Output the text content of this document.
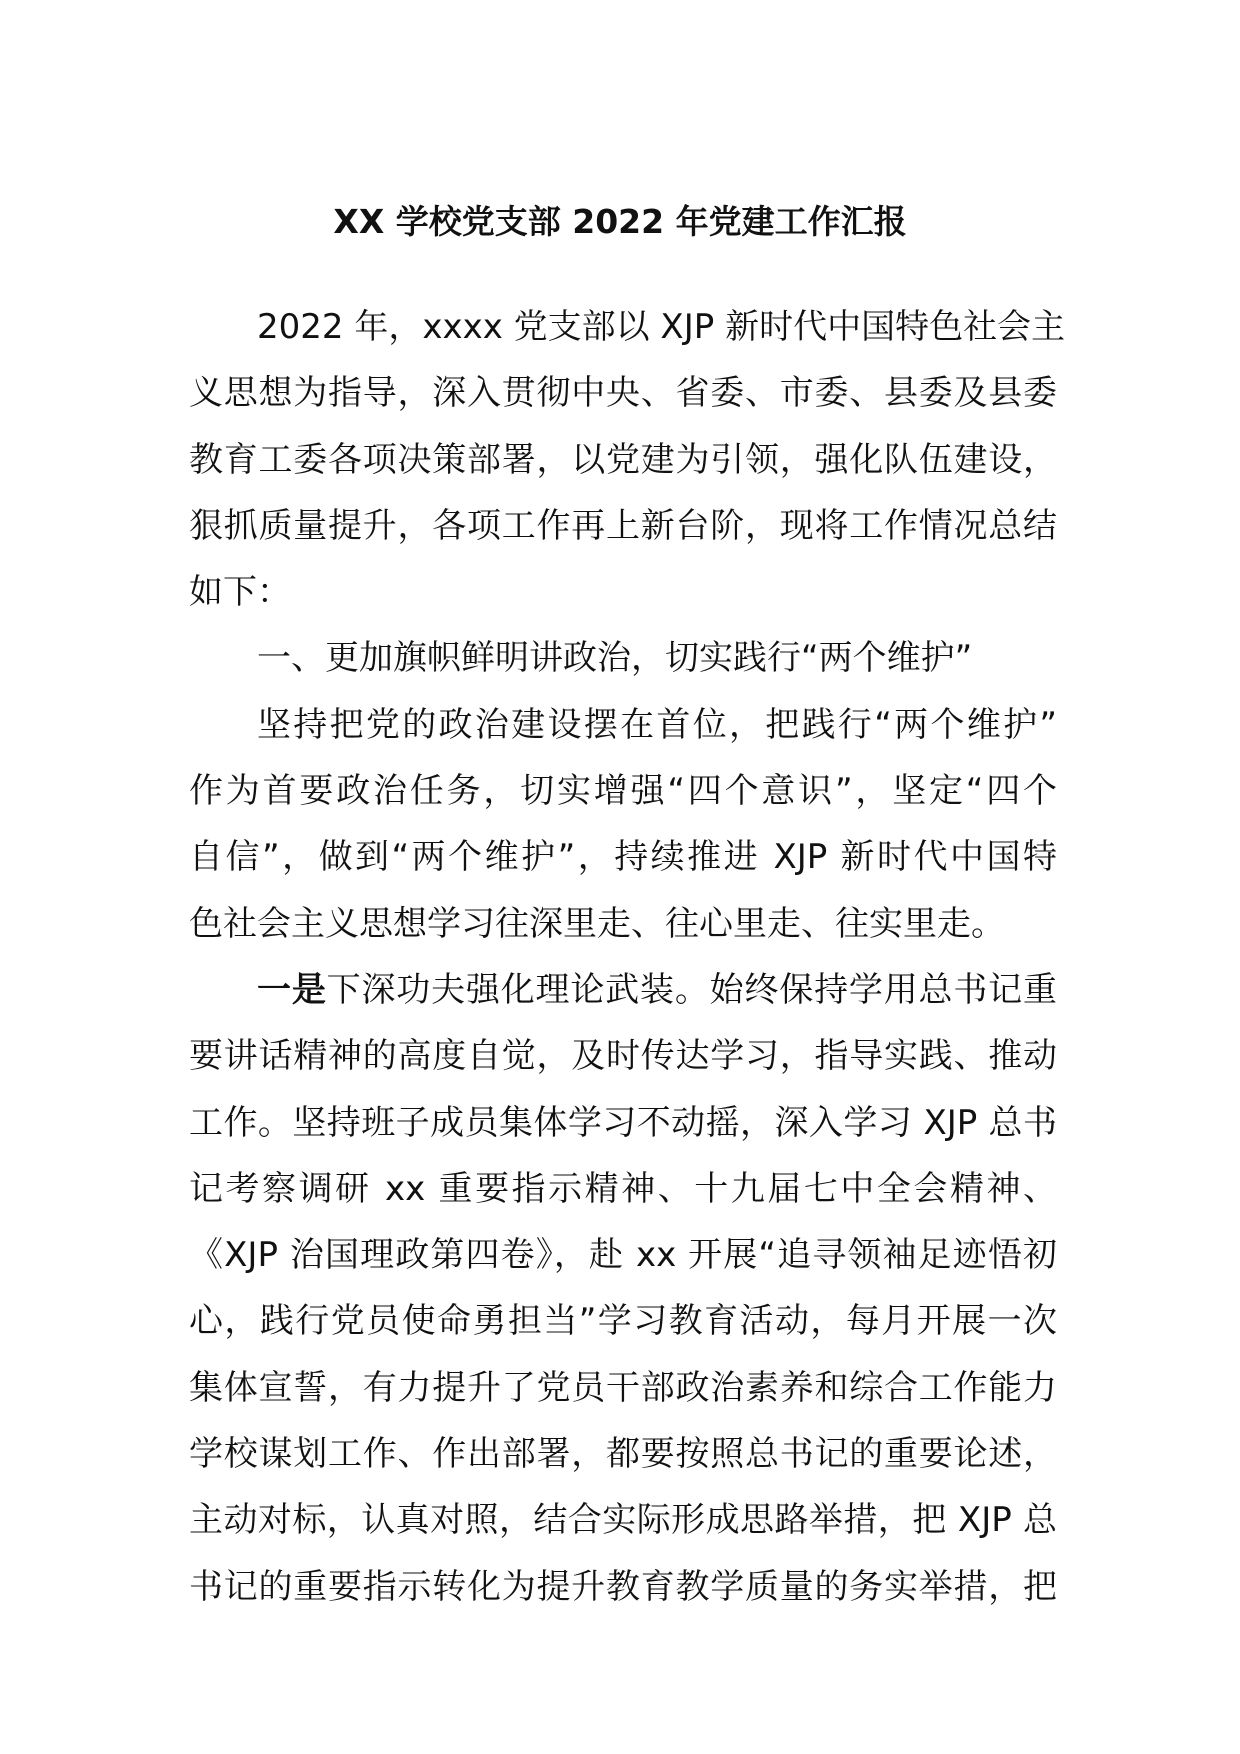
XX 学校党支部 2022 年党建工作汇报
2022 年，xxxx 党支部以 XJP 新时代中国特色社会主
义思想为指导，深入贯彻中央、省委、市委、县委及县委
教育工委各项决策部署，以党建为引领，强化队伍建设，
狠抓质量提升，各项工作再上新台阶，现将工作情况总结
如下：
一、更加旗帜鲜明讲政治，切实践行“两个维护”
坚持把党的政治建设摆在首位，把践行“两个维护”
作为首要政治任务，切实增强“四个意识”，坚定“四个
自信”，做到“两个维护”，持续推进 XJP 新时代中国特
色社会主义思想学习往深里走、往心里走、往实里走。
一是下深功夫强化理论武装。始终保持学用总书记重
要讲话精神的高度自觉，及时传达学习，指导实践、推动
工作。坚持班子成员集体学习不动摇，深入学习 XJP 总书
记考察调研 xx 重要指示精神、十九届七中全会精神、
《XJP 治国理政第四卷》，赴 xx 开展“追寻领袖足迹悟初
心，践行党员使命勇担当”学习教育活动，每月开展一次
集体宣誓，有力提升了党员干部政治素养和综合工作能力
学校谋划工作、作出部署，都要按照总书记的重要论述，
主动对标，认真对照，结合实际形成思路举措，把 XJP 总
书记的重要指示转化为提升教育教学质量的务实举措，把
